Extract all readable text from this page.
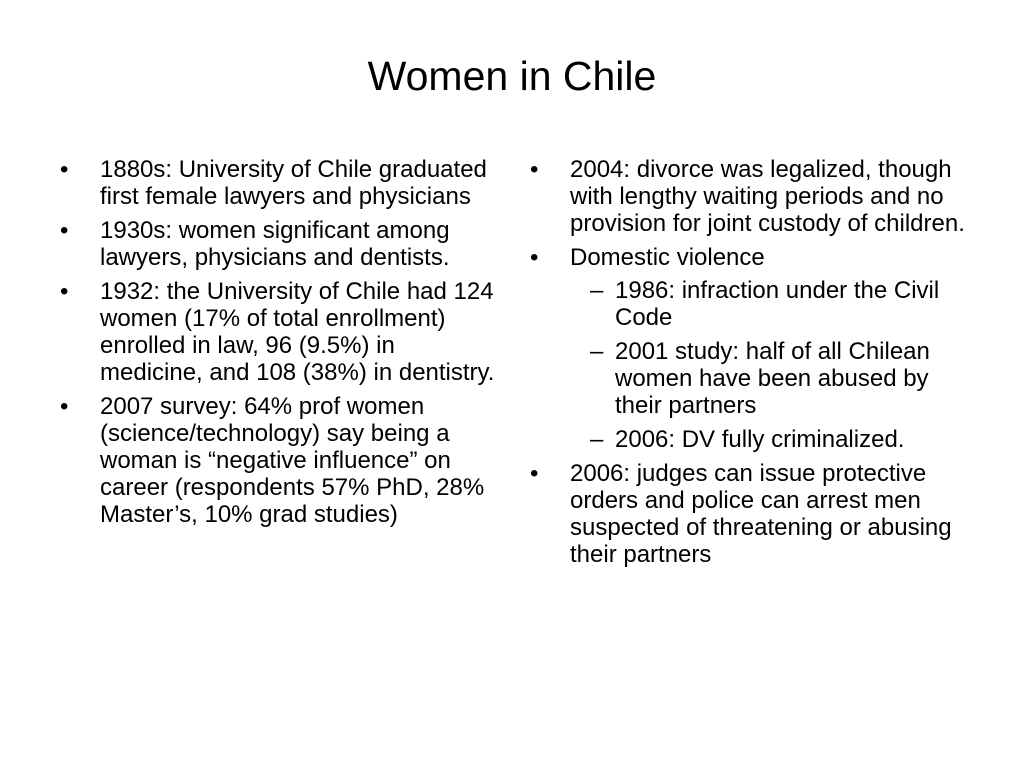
Women in Chile
•	1880s: University of Chile graduated first female lawyers and physicians
•	1930s: women significant among lawyers, physicians and dentists.
•	1932: the University of Chile had 124 women (17% of total enrollment) enrolled in law, 96 (9.5%) in medicine, and 108 (38%) in dentistry.
•	2007 survey: 64% prof women (science/technology) say being a woman is “negative influence” on career (respondents 57% PhD, 28% Master’s, 10% grad studies)
•	2004: divorce was legalized, though with lengthy waiting periods and no provision for joint custody of children.
•	Domestic violence
– 1986: infraction under the Civil Code
– 2001 study: half of all Chilean women have been abused by their partners
– 2006: DV fully criminalized.
•	2006: judges can issue protective orders and police can arrest men suspected of threatening or abusing their partners
